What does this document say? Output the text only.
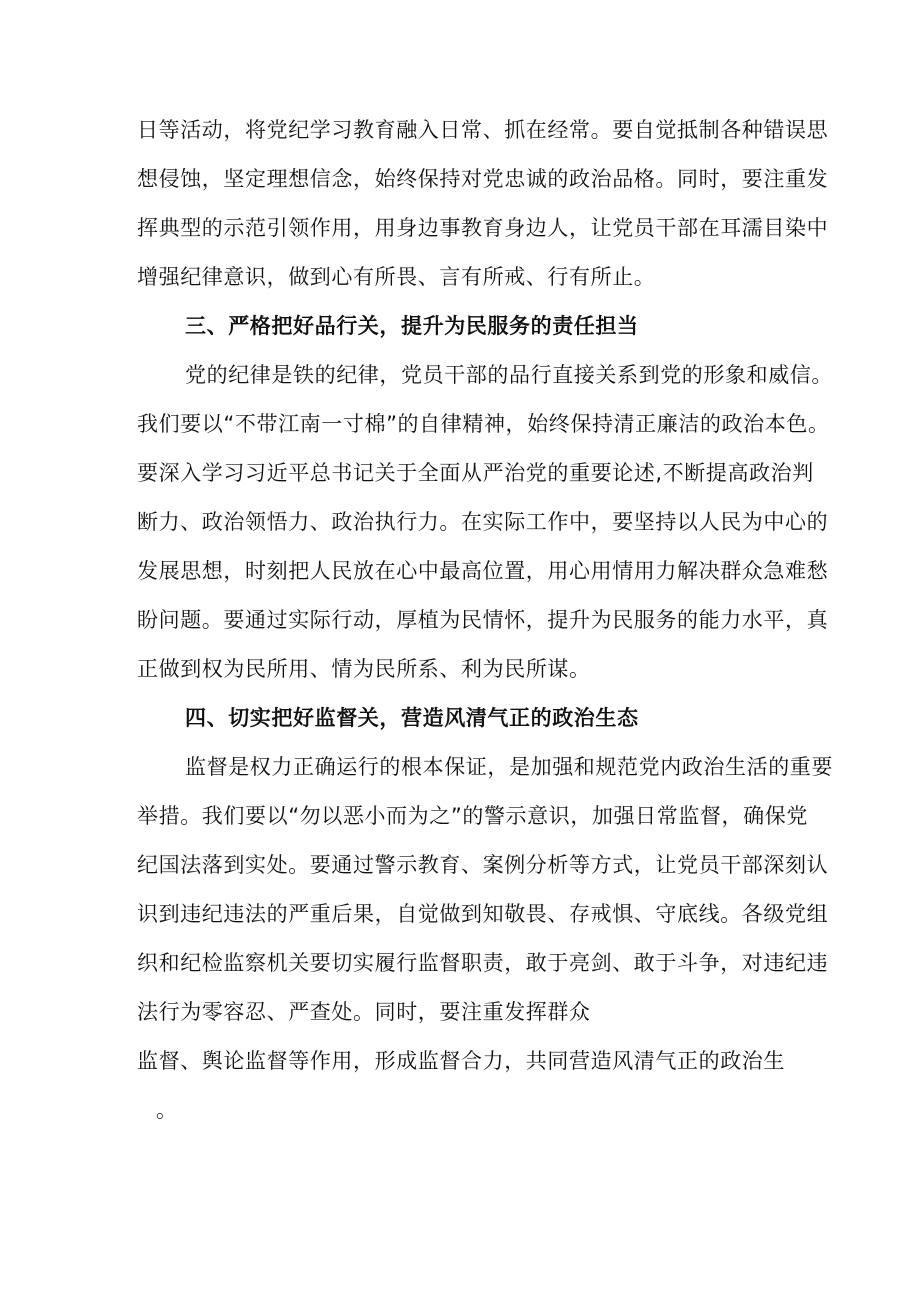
日等活动，将党纪学习教育融入日常、抓在经常。要自觉抵制各种错误思
想侵蚀，坚定理想信念，始终保持对党忠诚的政治品格。同时，要注重发
挥典型的示范引领作用，用身边事教育身边人，让党员干部在耳濡目染中
增强纪律意识，做到心有所畏、言有所戒、行有所止。
三、严格把好品行关，提升为民服务的责任担当
党的纪律是铁的纪律，党员干部的品行直接关系到党的形象和威信。
我们要以“不带江南一寸棉”的自律精神，始终保持清正廉洁的政治本色。
要深入学习习近平总书记关于全面从严治党的重要论述,不断提高政治判
断力、政治领悟力、政治执行力。在实际工作中，要坚持以人民为中心的
发展思想，时刻把人民放在心中最高位置，用心用情用力解决群众急难愁
盼问题。要通过实际行动，厚植为民情怀，提升为民服务的能力水平，真
正做到权为民所用、情为民所系、利为民所谋。
四、切实把好监督关，营造风清气正的政治生态
监督是权力正确运行的根本保证，是加强和规范党内政治生活的重要
举措。我们要以“勿以恶小而为之”的警示意识，加强日常监督，确保党
纪国法落到实处。要通过警示教育、案例分析等方式，让党员干部深刻认
识到违纪违法的严重后果，自觉做到知敬畏、存戒惧、守底线。各级党组
织和纪检监察机关要切实履行监督职责，敢于亮剑、敢于斗争，对违纪违
法行为零容忍、严查处。同时，要注重发挥群众
监督、舆论监督等作用，形成监督合力，共同营造风清气正的政治生
。
